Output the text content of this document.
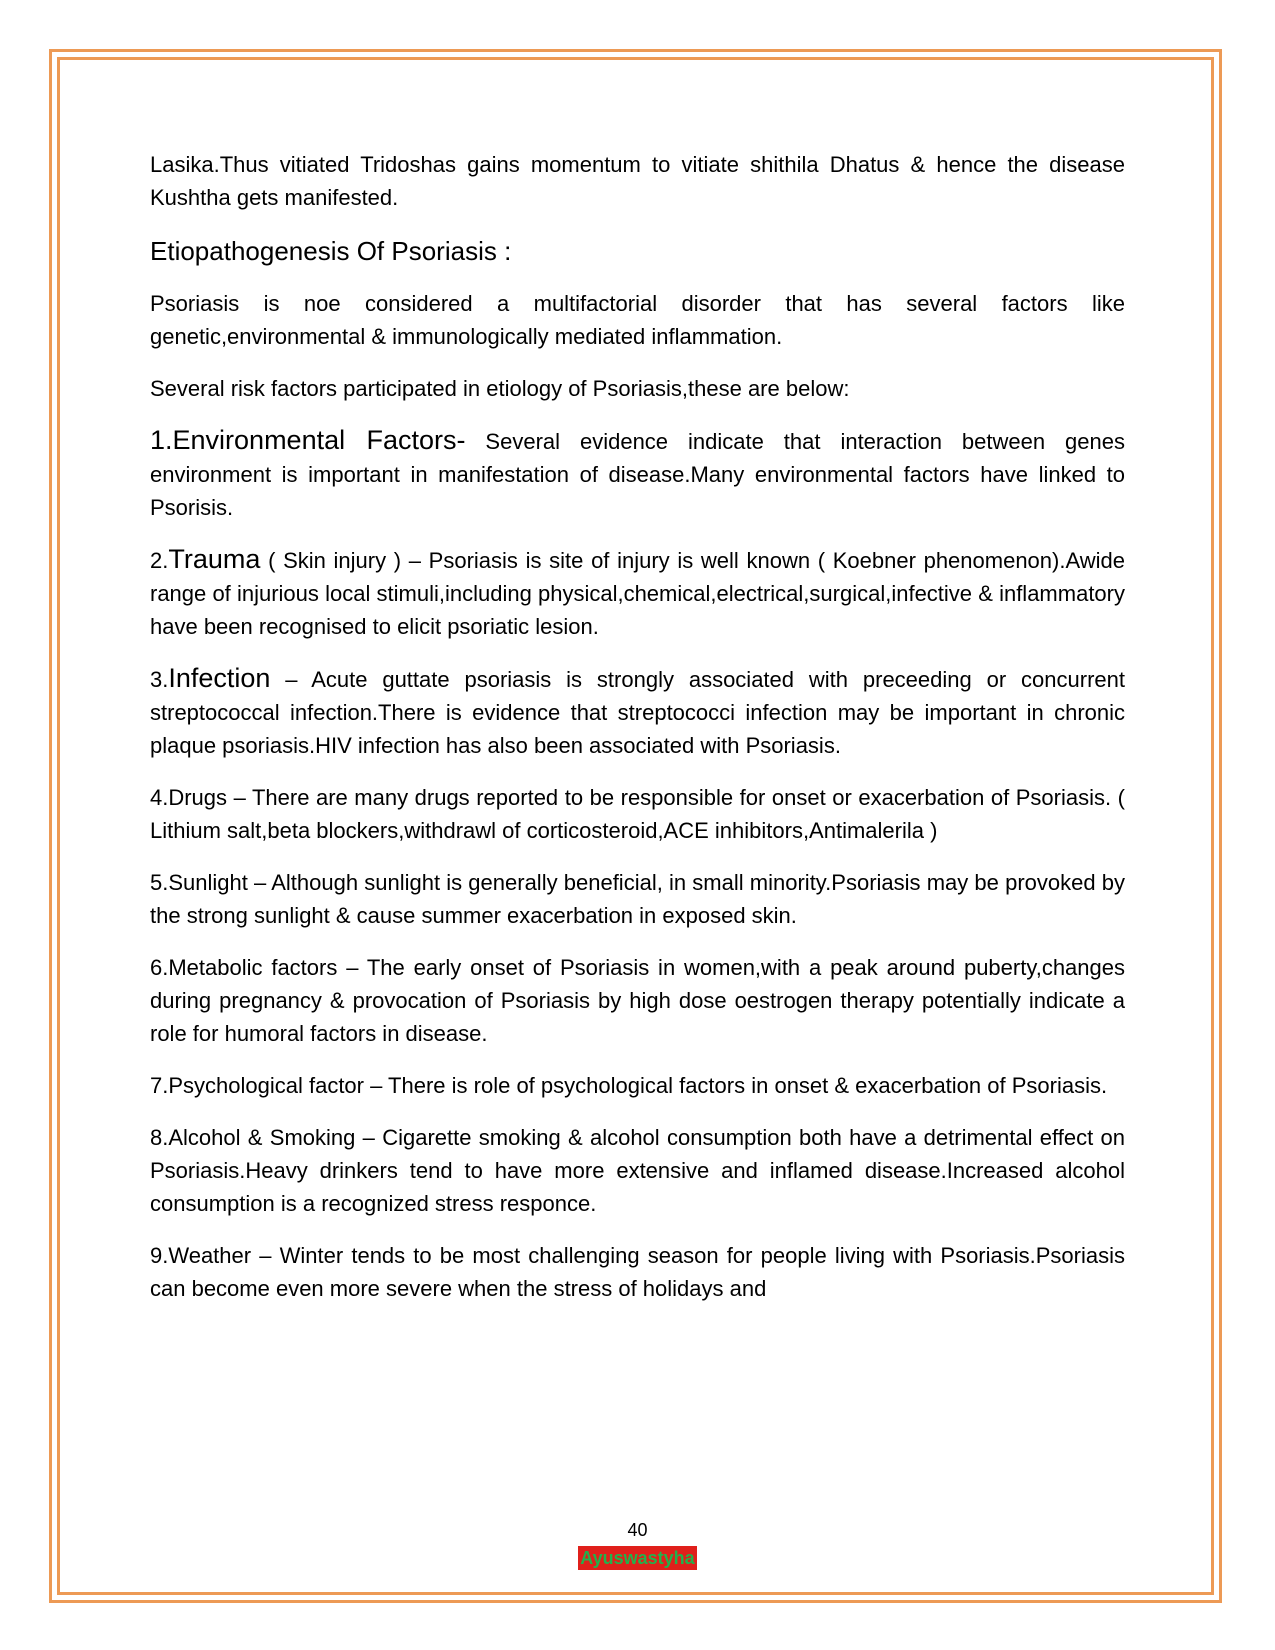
Lasika.Thus vitiated Tridoshas gains momentum to vitiate shithila Dhatus & hence the disease Kushtha gets manifested.

Etiopathogenesis Of Psoriasis :

Psoriasis is noe considered a multifactorial disorder that has several factors like genetic,environmental & immunologically mediated inflammation.

Several risk factors participated in etiology of Psoriasis,these are below:

1.Environmental Factors- Several evidence indicate that interaction between genes environment is important in manifestation of disease.Many environmental factors have linked to Psorisis.

2.Trauma ( Skin injury ) – Psoriasis is site of injury is well known ( Koebner phenomenon).Awide range of injurious local stimuli,including physical,chemical,electrical,surgical,infective & inflammatory have been recognised to elicit psoriatic lesion.

3.Infection – Acute guttate psoriasis is strongly associated with preceeding or concurrent streptococcal infection.There is evidence that streptococci infection may be important in chronic plaque psoriasis.HIV infection has also been associated with Psoriasis.

4.Drugs – There are many drugs reported to be responsible for onset or exacerbation of Psoriasis. ( Lithium salt,beta blockers,withdrawl of corticosteroid,ACE inhibitors,Antimalerila )

5.Sunlight – Although sunlight is generally beneficial, in small minority.Psoriasis may be provoked by the strong sunlight & cause summer exacerbation in exposed skin.

6.Metabolic factors – The early onset of Psoriasis in women,with a peak around puberty,changes during pregnancy & provocation of Psoriasis by high dose oestrogen therapy potentially indicate a role for humoral factors in disease.

7.Psychological factor – There is role of psychological factors in onset & exacerbation of Psoriasis.

8.Alcohol & Smoking – Cigarette smoking & alcohol consumption both have a detrimental effect on Psoriasis.Heavy drinkers tend to have more extensive and inflamed disease.Increased alcohol consumption is a recognized stress responce.

9.Weather – Winter tends to be most challenging season for people living with Psoriasis.Psoriasis can become even more severe when the stress of holidays and

40
Ayuswastyha
